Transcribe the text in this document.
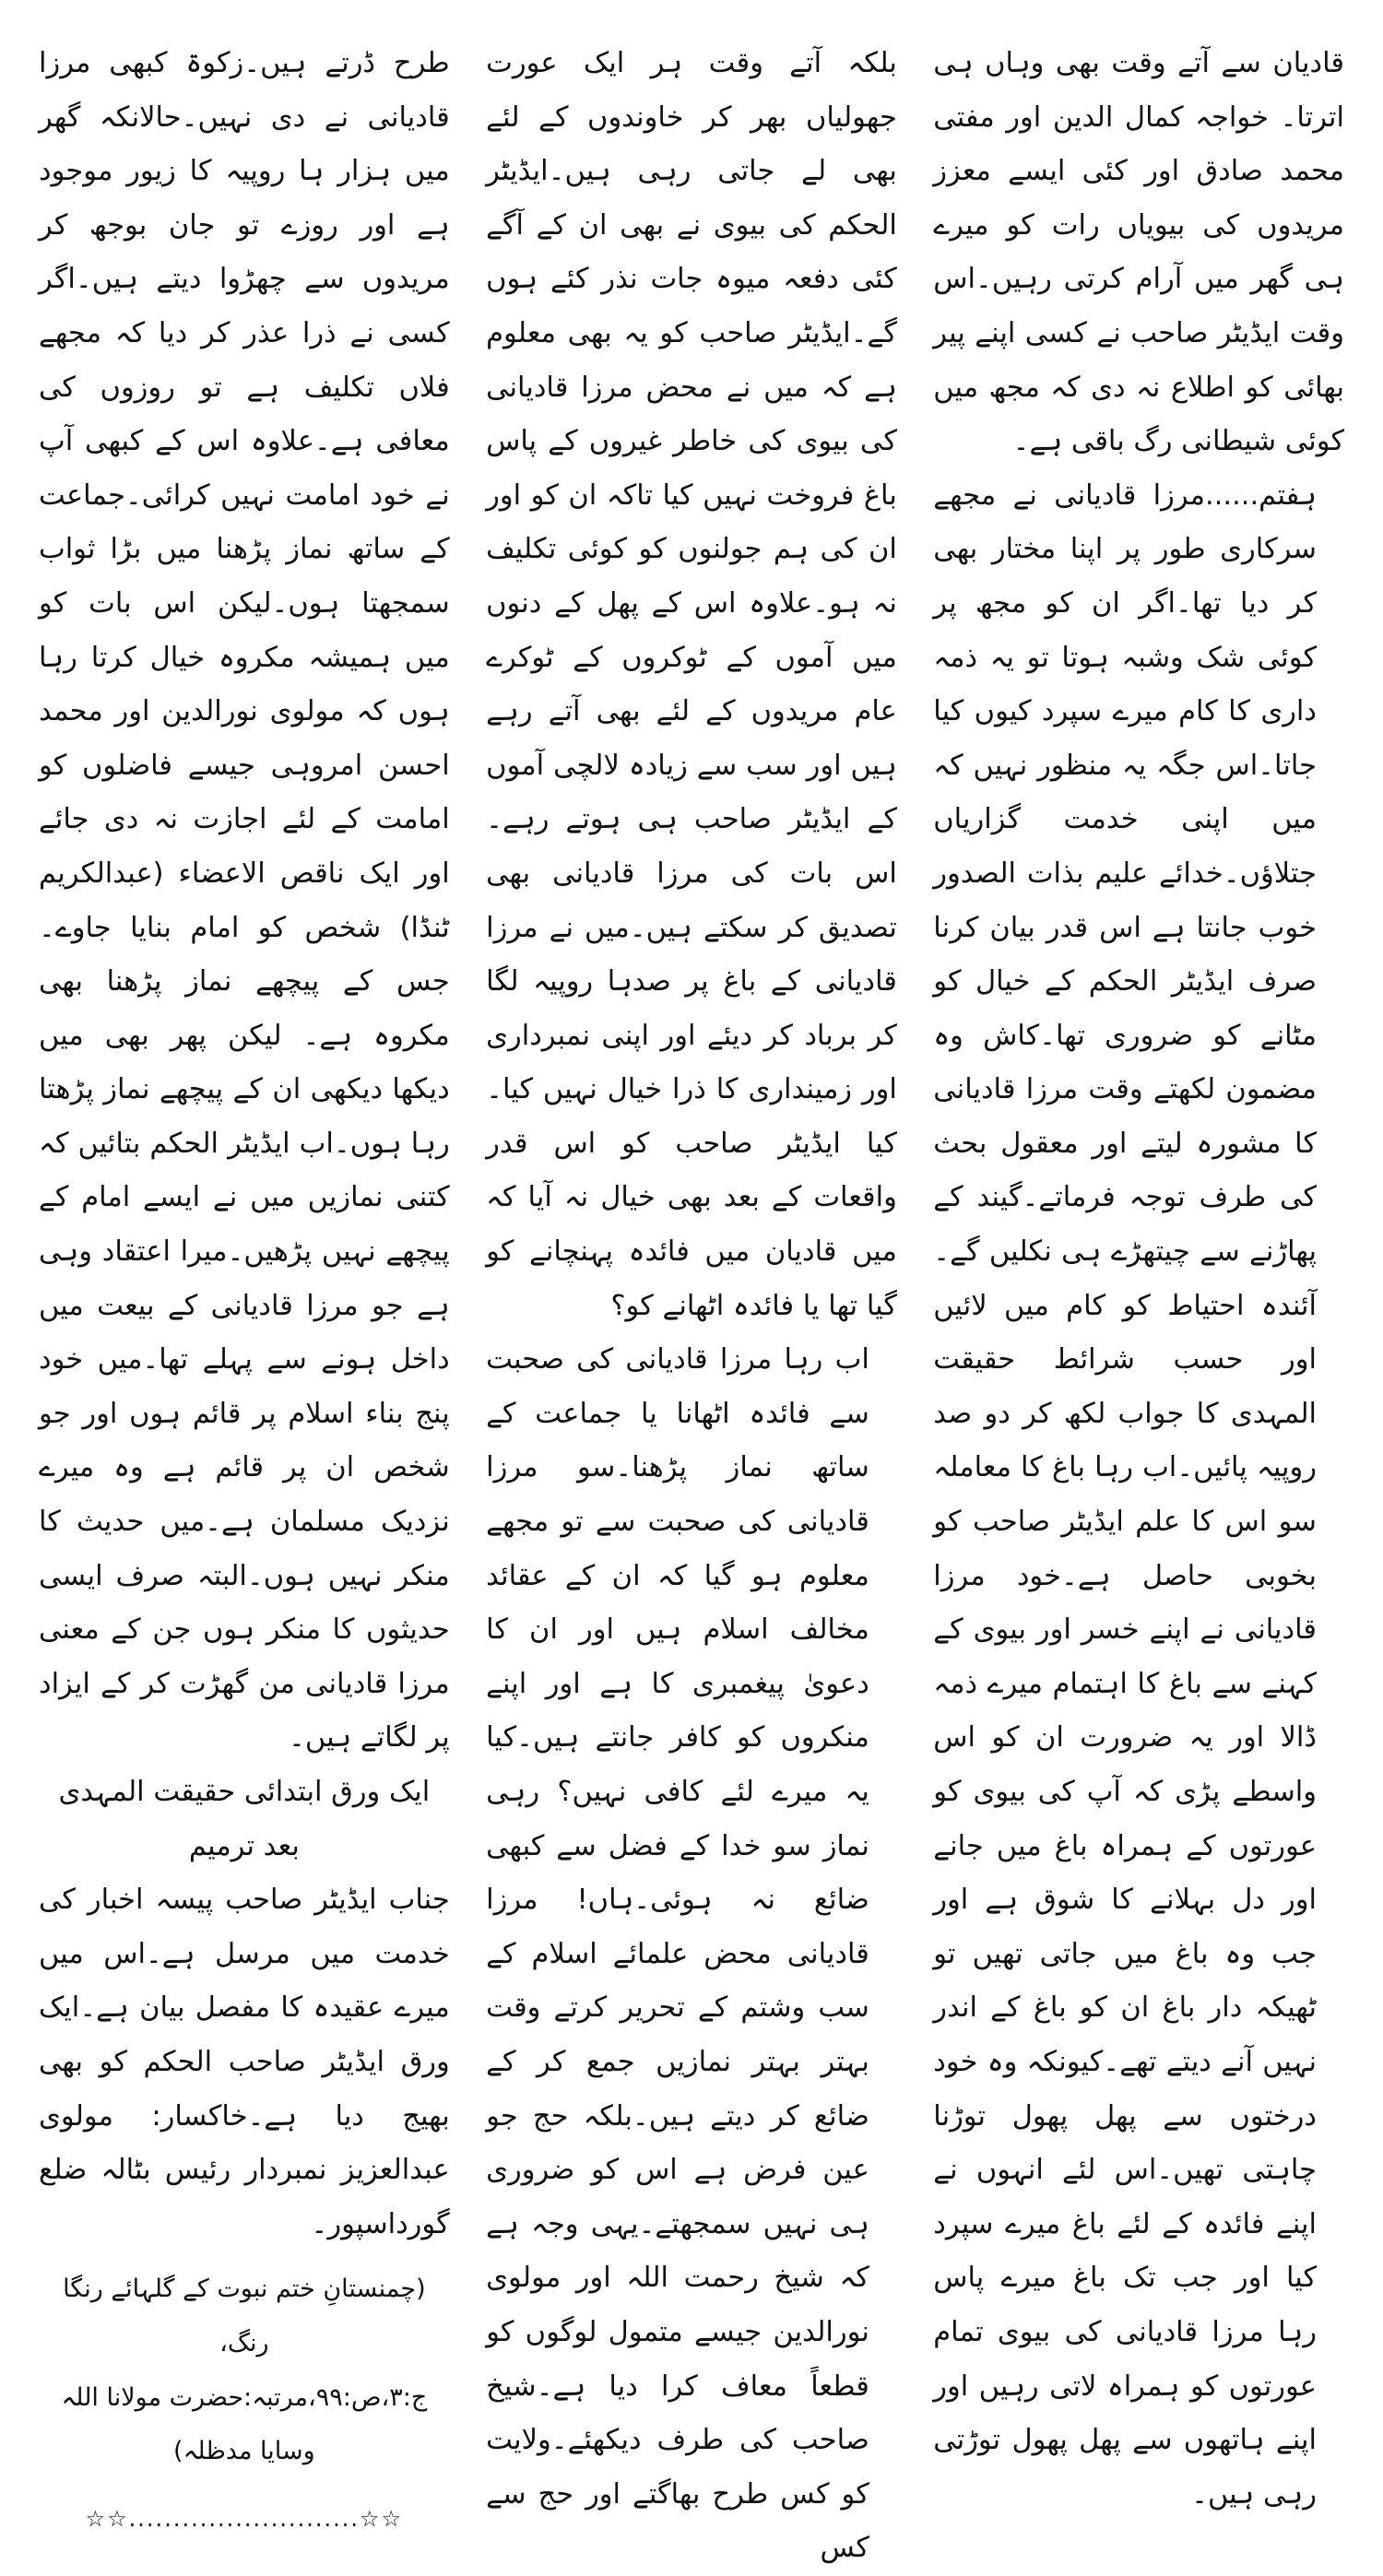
طرح ڈرتے ہیں۔زکوۃ کبھی مرزا قادیانی نے دی نہیں۔حالانکہ گھر میں ہزار ہا روپیہ کا زیور موجود ہے اور روزے تو جان بوجھ کر مریدوں سے چھڑوا دیتے ہیں۔اگر کسی نے ذرا عذر کر دیا کہ مجھے فلاں تکلیف ہے تو روزوں کی معافی ہے۔علاوہ اس کے کبھی آپ نے خود امامت نہیں کرائی۔جماعت کے ساتھ نماز پڑھنا میں بڑا ثواب سمجھتا ہوں۔لیکن اس بات کو میں ہمیشہ مکروہ خیال کرتا رہا ہوں کہ مولوی نورالدین اور محمد احسن امروہی جیسے فاضلوں کو امامت کے لئے اجازت نہ دی جائے اور ایک ناقص الاعضاء (عبدالکریم ٹنڈا) شخص کو امام بنایا جاوے۔جس کے پیچھے نماز پڑھنا بھی مکروہ ہے۔ لیکن پھر بھی میں دیکھا دیکھی ان کے پیچھے نماز پڑھتا رہا ہوں۔اب ایڈیٹر الحکم بتائیں کہ کتنی نمازیں میں نے ایسے امام کے پیچھے نہیں پڑھیں۔میرا اعتقاد وہی ہے جو مرزا قادیانی کے بیعت میں داخل ہونے سے پہلے تھا۔میں خود پنج بناء اسلام پر قائم ہوں اور جو شخص ان پر قائم ہے وہ میرے نزدیک مسلمان ہے۔میں حدیث کا منکر نہیں ہوں۔البتہ صرف ایسی حدیثوں کا منکر ہوں جن کے معنی مرزا قادیانی من گھڑت کر کے ایزاد پر لگاتے ہیں۔

ایک ورق ابتدائی حقیقت المہدی بعد ترمیم

جناب ایڈیٹر صاحب پیسہ اخبار کی خدمت میں مرسل ہے۔اس میں میرے عقیدہ کا مفصل بیان ہے۔ایک ورق ایڈیٹر صاحب الحکم کو بھی بھیج دیا ہے۔خاکسار: مولوی عبدالعزیز نمبردار رئیس بٹالہ ضلع گورداسپور۔

(چمنستانِ ختم نبوت کے گلہائے رنگا رنگ،

ج:۳،ص:۹۹،مرتبہ:حضرت مولانا اللہ وسایا مدظلہ)

☆☆..........................☆☆

بلکہ آتے وقت ہر ایک عورت جھولیاں بھر کر خاوندوں کے لئے بھی لے جاتی رہی ہیں۔ایڈیٹر الحکم کی بیوی نے بھی ان کے آگے کئی دفعہ میوہ جات نذر کئے ہوں گے۔ایڈیٹر صاحب کو یہ بھی معلوم ہے کہ میں نے محض مرزا قادیانی کی بیوی کی خاطر غیروں کے پاس باغ فروخت نہیں کیا تاکہ ان کو اور ان کی ہم جولنوں کو کوئی تکلیف نہ ہو۔علاوہ اس کے پھل کے دنوں میں آموں کے ٹوکروں کے ٹوکرے عام مریدوں کے لئے بھی آتے رہے ہیں اور سب سے زیادہ لالچی آموں کے ایڈیٹر صاحب ہی ہوتے رہے۔اس بات کی مرزا قادیانی بھی تصدیق کر سکتے ہیں۔میں نے مرزا قادیانی کے باغ پر صدہا روپیہ لگا کر برباد کر دیئے اور اپنی نمبرداری اور زمینداری کا ذرا خیال نہیں کیا۔کیا ایڈیٹر صاحب کو اس قدر واقعات کے بعد بھی خیال نہ آیا کہ میں قادیان میں فائدہ پہنچانے کو گیا تھا یا فائدہ اٹھانے کو؟

اب رہا مرزا قادیانی کی صحبت سے فائدہ اٹھانا یا جماعت کے ساتھ نماز پڑھنا۔سو مرزا قادیانی کی صحبت سے تو مجھے معلوم ہو گیا کہ ان کے عقائد مخالف اسلام ہیں اور ان کا دعویٰ پیغمبری کا ہے اور اپنے منکروں کو کافر جانتے ہیں۔کیا یہ میرے لئے کافی نہیں؟ رہی نماز سو خدا کے فضل سے کبھی ضائع نہ ہوئی۔ہاں! مرزا قادیانی محض علمائے اسلام کے سب وشتم کے تحریر کرتے وقت بہتر بہتر نمازیں جمع کر کے ضائع کر دیتے ہیں۔بلکہ حج جو عین فرض ہے اس کو ضروری ہی نہیں سمجھتے۔یہی وجہ ہے کہ شیخ رحمت اللہ اور مولوی نورالدین جیسے متمول لوگوں کو قطعاً معاف کرا دیا ہے۔شیخ صاحب کی طرف دیکھئے۔ولایت کو کس طرح بھاگتے اور حج سے کس

قادیان سے آتے وقت بھی وہاں ہی اترتا۔ خواجہ کمال الدین اور مفتی محمد صادق اور کئی ایسے معزز مریدوں کی بیویاں رات کو میرے ہی گھر میں آرام کرتی رہیں۔اس وقت ایڈیٹر صاحب نے کسی اپنے پیر بھائی کو اطلاع نہ دی کہ مجھ میں کوئی شیطانی رگ باقی ہے۔

ہفتم......مرزا قادیانی نے مجھے سرکاری طور پر اپنا مختار بھی کر دیا تھا۔اگر ان کو مجھ پر کوئی شک وشبہ ہوتا تو یہ ذمہ داری کا کام میرے سپرد کیوں کیا جاتا۔اس جگہ یہ منظور نہیں کہ میں اپنی خدمت گزاریاں جتلاؤں۔خدائے علیم بذات الصدور خوب جانتا ہے اس قدر بیان کرنا صرف ایڈیٹر الحکم کے خیال کو مٹانے کو ضروری تھا۔کاش وہ مضمون لکھتے وقت مرزا قادیانی کا مشورہ لیتے اور معقول بحث کی طرف توجہ فرماتے۔گیند کے پھاڑنے سے چیتھڑے ہی نکلیں گے۔آئندہ احتیاط کو کام میں لائیں اور حسب شرائط حقیقت المہدی کا جواب لکھ کر دو صد روپیہ پائیں۔اب رہا باغ کا معاملہ سو اس کا علم ایڈیٹر صاحب کو بخوبی حاصل ہے۔خود مرزا قادیانی نے اپنے خسر اور بیوی کے کہنے سے باغ کا اہتمام میرے ذمہ ڈالا اور یہ ضرورت ان کو اس واسطے پڑی کہ آپ کی بیوی کو عورتوں کے ہمراہ باغ میں جانے اور دل بہلانے کا شوق ہے اور جب وہ باغ میں جاتی تھیں تو ٹھیکہ دار باغ ان کو باغ کے اندر نہیں آنے دیتے تھے۔کیونکہ وہ خود درختوں سے پھل پھول توڑنا چاہتی تھیں۔اس لئے انہوں نے اپنے فائدہ کے لئے باغ میرے سپرد کیا اور جب تک باغ میرے پاس رہا مرزا قادیانی کی بیوی تمام عورتوں کو ہمراہ لاتی رہیں اور اپنے ہاتھوں سے پھل پھول توڑتی رہی ہیں۔
